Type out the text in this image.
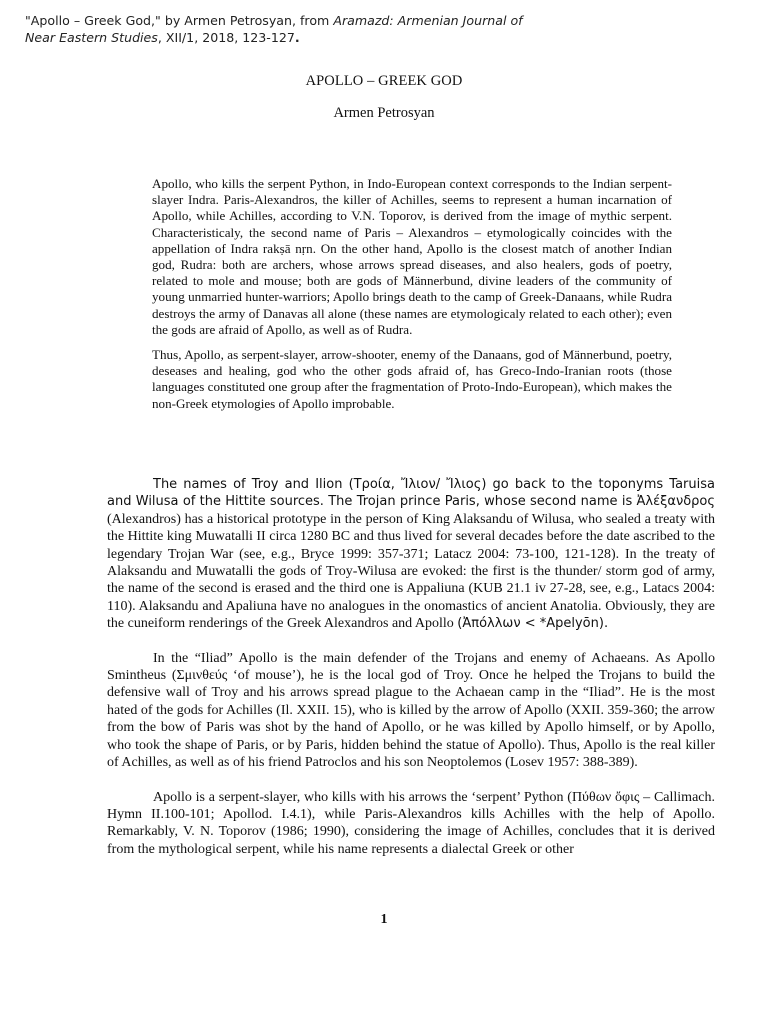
"Apollo – Greek God," by Armen Petrosyan, from Aramazd: Armenian Journal of Near Eastern Studies, XII/1, 2018, 123-127.
APOLLO – GREEK GOD
Armen Petrosyan

Apollo, who kills the serpent Python, in Indo-European context corresponds to the Indian serpent-slayer Indra. Paris-Alexandros, the killer of Achilles, seems to represent a human incarnation of Apollo, while Achilles, according to V.N. Toporov, is derived from the image of mythic serpent. Characteristicaly, the second name of Paris – Alexandros – etymologically coincides with the appellation of Indra rakṣā nṛn. On the other hand, Apollo is the closest match of another Indian god, Rudra: both are archers, whose arrows spread diseases, and also healers, gods of poetry, related to mole and mouse; both are gods of Männerbund, divine leaders of the community of young unmarried hunter-warriors; Apollo brings death to the camp of Greek-Danaans, while Rudra destroys the army of Danavas all alone (these names are etymologicaly related to each other); even the gods are afraid of Apollo, as well as of Rudra.

Thus, Apollo, as serpent-slayer, arrow-shooter, enemy of the Danaans, god of Männerbund, poetry, deseases and healing, god who the other gods afraid of, has Greco-Indo-Iranian roots (those languages constituted one group after the fragmentation of Proto-Indo-European), which makes the non-Greek etymologies of Apollo improbable.

The names of Troy and Ilion (Τροία, Ἴλιον/ Ἴλιος) go back to the toponyms Taruisa and Wilusa of the Hittite sources. The Trojan prince Paris, whose second name is Ἀλέξανδρος (Alexandros) has a historical prototype in the person of King Alaksandu of Wilusa, who sealed a treaty with the Hittite king Muwatalli II circa 1280 BC and thus lived for several decades before the date ascribed to the legendary Trojan War (see, e.g., Bryce 1999: 357-371; Latacz 2004: 73-100, 121-128). In the treaty of Alaksandu and Muwatalli the gods of Troy-Wilusa are evoked: the first is the thunder/ storm god of army, the name of the second is erased and the third one is Appaliuna (KUB 21.1 iv 27-28, see, e.g., Latacs 2004: 110). Alaksandu and Apaliuna have no analogues in the onomastics of ancient Anatolia. Obviously, they are the cuneiform renderings of the Greek Alexandros and Apollo (Ἀπόλλων < *Apelyōn).

In the “Iliad” Apollo is the main defender of the Trojans and enemy of Achaeans. As Apollo Smintheus (Σμινθεύς ‘of mouse’), he is the local god of Troy. Once he helped the Trojans to build the defensive wall of Troy and his arrows spread plague to the Achaean camp in the “Iliad”. He is the most hated of the gods for Achilles (Il. XXII. 15), who is killed by the arrow of Apollo (XXII. 359-360; the arrow from the bow of Paris was shot by the hand of Apollo, or he was killed by Apollo himself, or by Apollo, who took the shape of Paris, or by Paris, hidden behind the statue of Apollo). Thus, Apollo is the real killer of Achilles, as well as of his friend Patroclos and his son Neoptolemos (Losev 1957: 388-389).

Apollo is a serpent-slayer, who kills with his arrows the ‘serpent’ Python (Πύθων ὄφις – Callimach. Hymn II.100-101; Apollod. I.4.1), while Paris-Alexandros kills Achilles with the help of Apollo. Remarkably, V. N. Toporov (1986; 1990), considering the image of Achilles, concludes that it is derived from the mythological serpent, while his name represents a dialectal Greek or other

1
